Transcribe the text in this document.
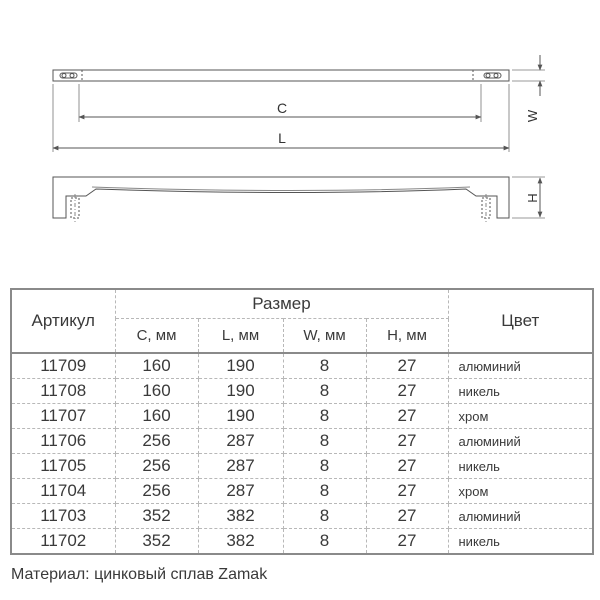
C
L
W
H
Артикул	Размер				Цвет
	C, мм	L, мм	W, мм	H, мм	
11709	160	190	8	27	алюминий
11708	160	190	8	27	никель
11707	160	190	8	27	хром
11706	256	287	8	27	алюминий
11705	256	287	8	27	никель
11704	256	287	8	27	хром
11703	352	382	8	27	алюминий
11702	352	382	8	27	никель
Материал: цинковый сплав Zamak
